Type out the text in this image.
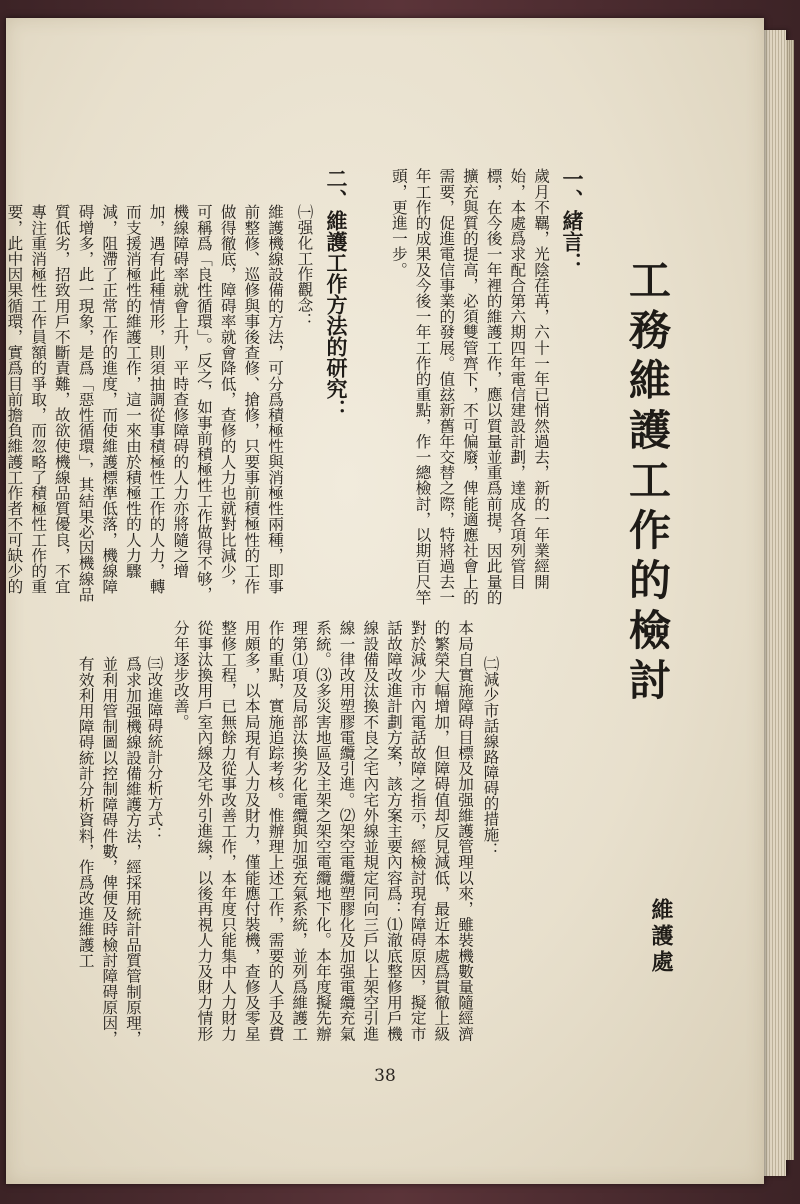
工務維護工作的檢討
維護處
一、緒言：
歲月不羈，光陰荏苒，六十一年已悄然過去，新的一年業經開始，本處爲求配合第六期四年電信建設計劃，達成各項列管目標，在今後一年裡的維護工作，應以質量並重爲前提，因此量的擴充與質的提高，必須雙管齊下，不可偏廢，俾能適應社會上的需要，促進電信事業的發展。值玆新舊年交替之際，特將過去一年工作的成果及今後一年工作的重點，作一總檢討，以期百尺竿頭，更進一步。
二、維護工作方法的研究：
㈠强化工作觀念：
維護機線設備的方法，可分爲積極性與消極性兩種，即事前整修、巡修與事後查修、搶修，只要事前積極性的工作做得徹底，障碍率就會降低，查修的人力也就對比減少，可稱爲「良性循環」。反之，如事前積極性工作做得不够，機線障碍率就會上升，平時查修障碍的人力亦將隨之增加，遇有此種情形，則須抽調從事積極性工作的人力，轉而支援消極性的維護工作，這一來由於積極性的人力驟減，阻滯了正常工作的進度，而使維護標準低落，機線障碍增多，此一現象，是爲「惡性循環」，其結果必因機線品質低劣，招致用戶不斷責難，故欲使機線品質優良，不宜專注重消極性工作員額的爭取，而忽略了積極性工作的重要，此中因果循環，實爲目前擔負維護工作者不可缺少的
㈡減少市話線路障碍的措施：
本局自實施障碍目標及加强維護管理以來，雖裝機數量隨經濟的繁榮大幅增加，但障碍值却反見減低，最近本處爲貫徹上級對於減少市內電話故障之指示，經檢討現有障碍原因，擬定市話故障改進計劃方案，該方案主要內容爲：⑴澈底整修用戶機線設備及汰換不良之宅內宅外線並規定同向三戶以上架空引進線一律改用塑膠電纜引進。⑵架空電纜塑膠化及加强電纜充氣系統。⑶多災害地區及主架之架空電纜地下化。本年度擬先辦理第⑴項及局部汰換劣化電纜與加强充氣系統，並列爲維護工作的重點，實施追踪考核。惟辦理上述工作，需要的人手及費用頗多，以本局現有人力及財力，僅能應付裝機，查修及零星整修工程，已無餘力從事改善工作，本年度只能集中人力財力從事汰換用戶室內線及宅外引進線，以後再視人力及財力情形分年逐步改善。
㈢改進障碍統計分析方式：
爲求加强機線設備維護方法，經採用統計品質管制原理，並利用管制圖以控制障碍件數，俾便及時檢討障碍原因，有效利用障碍統計分析資料，作爲改進維護工
38
